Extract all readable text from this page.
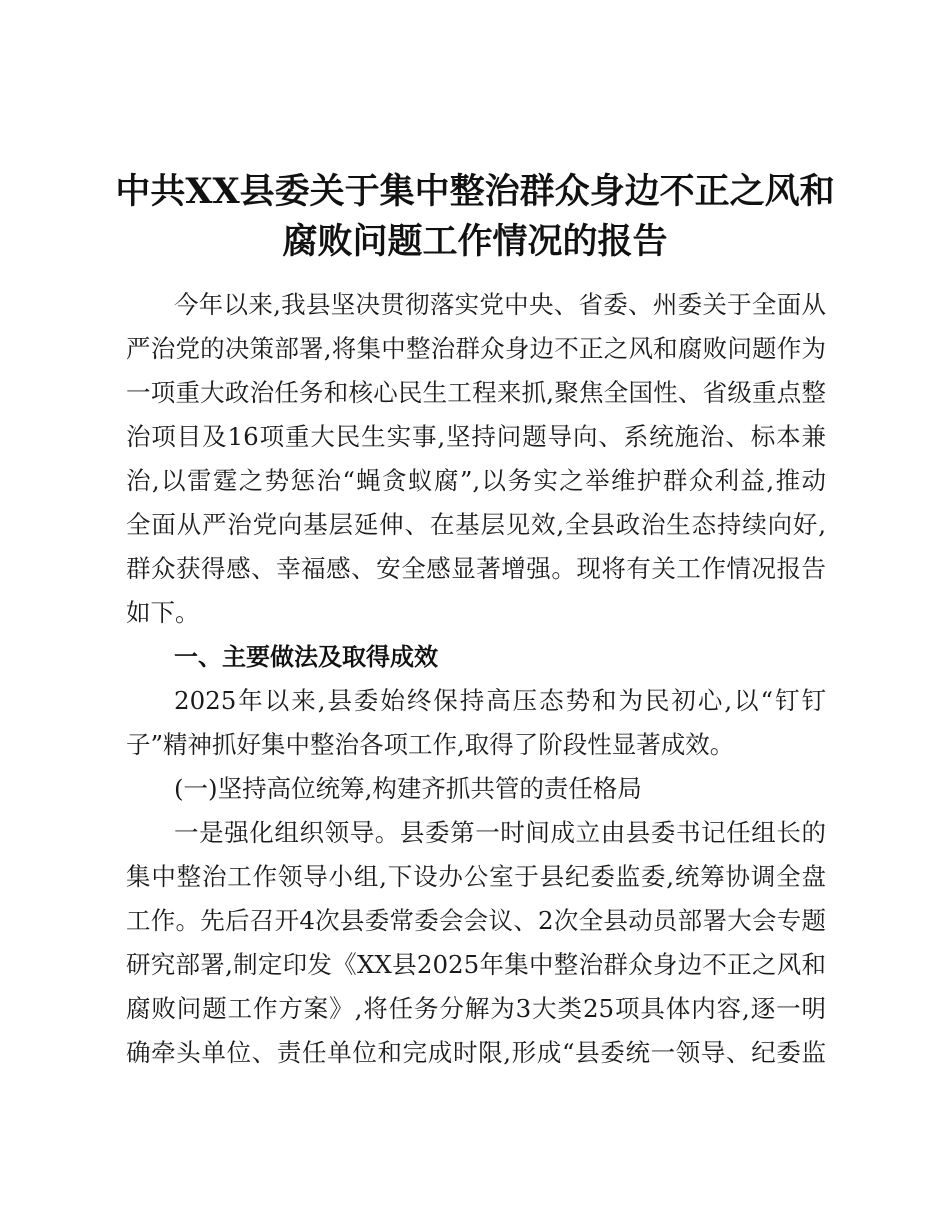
中共XX县委关于集中整治群众身边不正之风和
腐败问题工作情况的报告
今年以来,我县坚决贯彻落实党中央、省委、州委关于全面从
严治党的决策部署,将集中整治群众身边不正之风和腐败问题作为
一项重大政治任务和核心民生工程来抓,聚焦全国性、省级重点整
治项目及16项重大民生实事,坚持问题导向、系统施治、标本兼
治,以雷霆之势惩治“蝇贪蚁腐”,以务实之举维护群众利益,推动
全面从严治党向基层延伸、在基层见效,全县政治生态持续向好,
群众获得感、幸福感、安全感显著增强。现将有关工作情况报告
如下。
一、主要做法及取得成效
2025年以来,县委始终保持高压态势和为民初心,以“钉钉
子”精神抓好集中整治各项工作,取得了阶段性显著成效。
(一)坚持高位统筹,构建齐抓共管的责任格局
一是强化组织领导。县委第一时间成立由县委书记任组长的
集中整治工作领导小组,下设办公室于县纪委监委,统筹协调全盘
工作。先后召开4次县委常委会会议、2次全县动员部署大会专题
研究部署,制定印发《XX县2025年集中整治群众身边不正之风和
腐败问题工作方案》,将任务分解为3大类25项具体内容,逐一明
确牵头单位、责任单位和完成时限,形成“县委统一领导、纪委监
